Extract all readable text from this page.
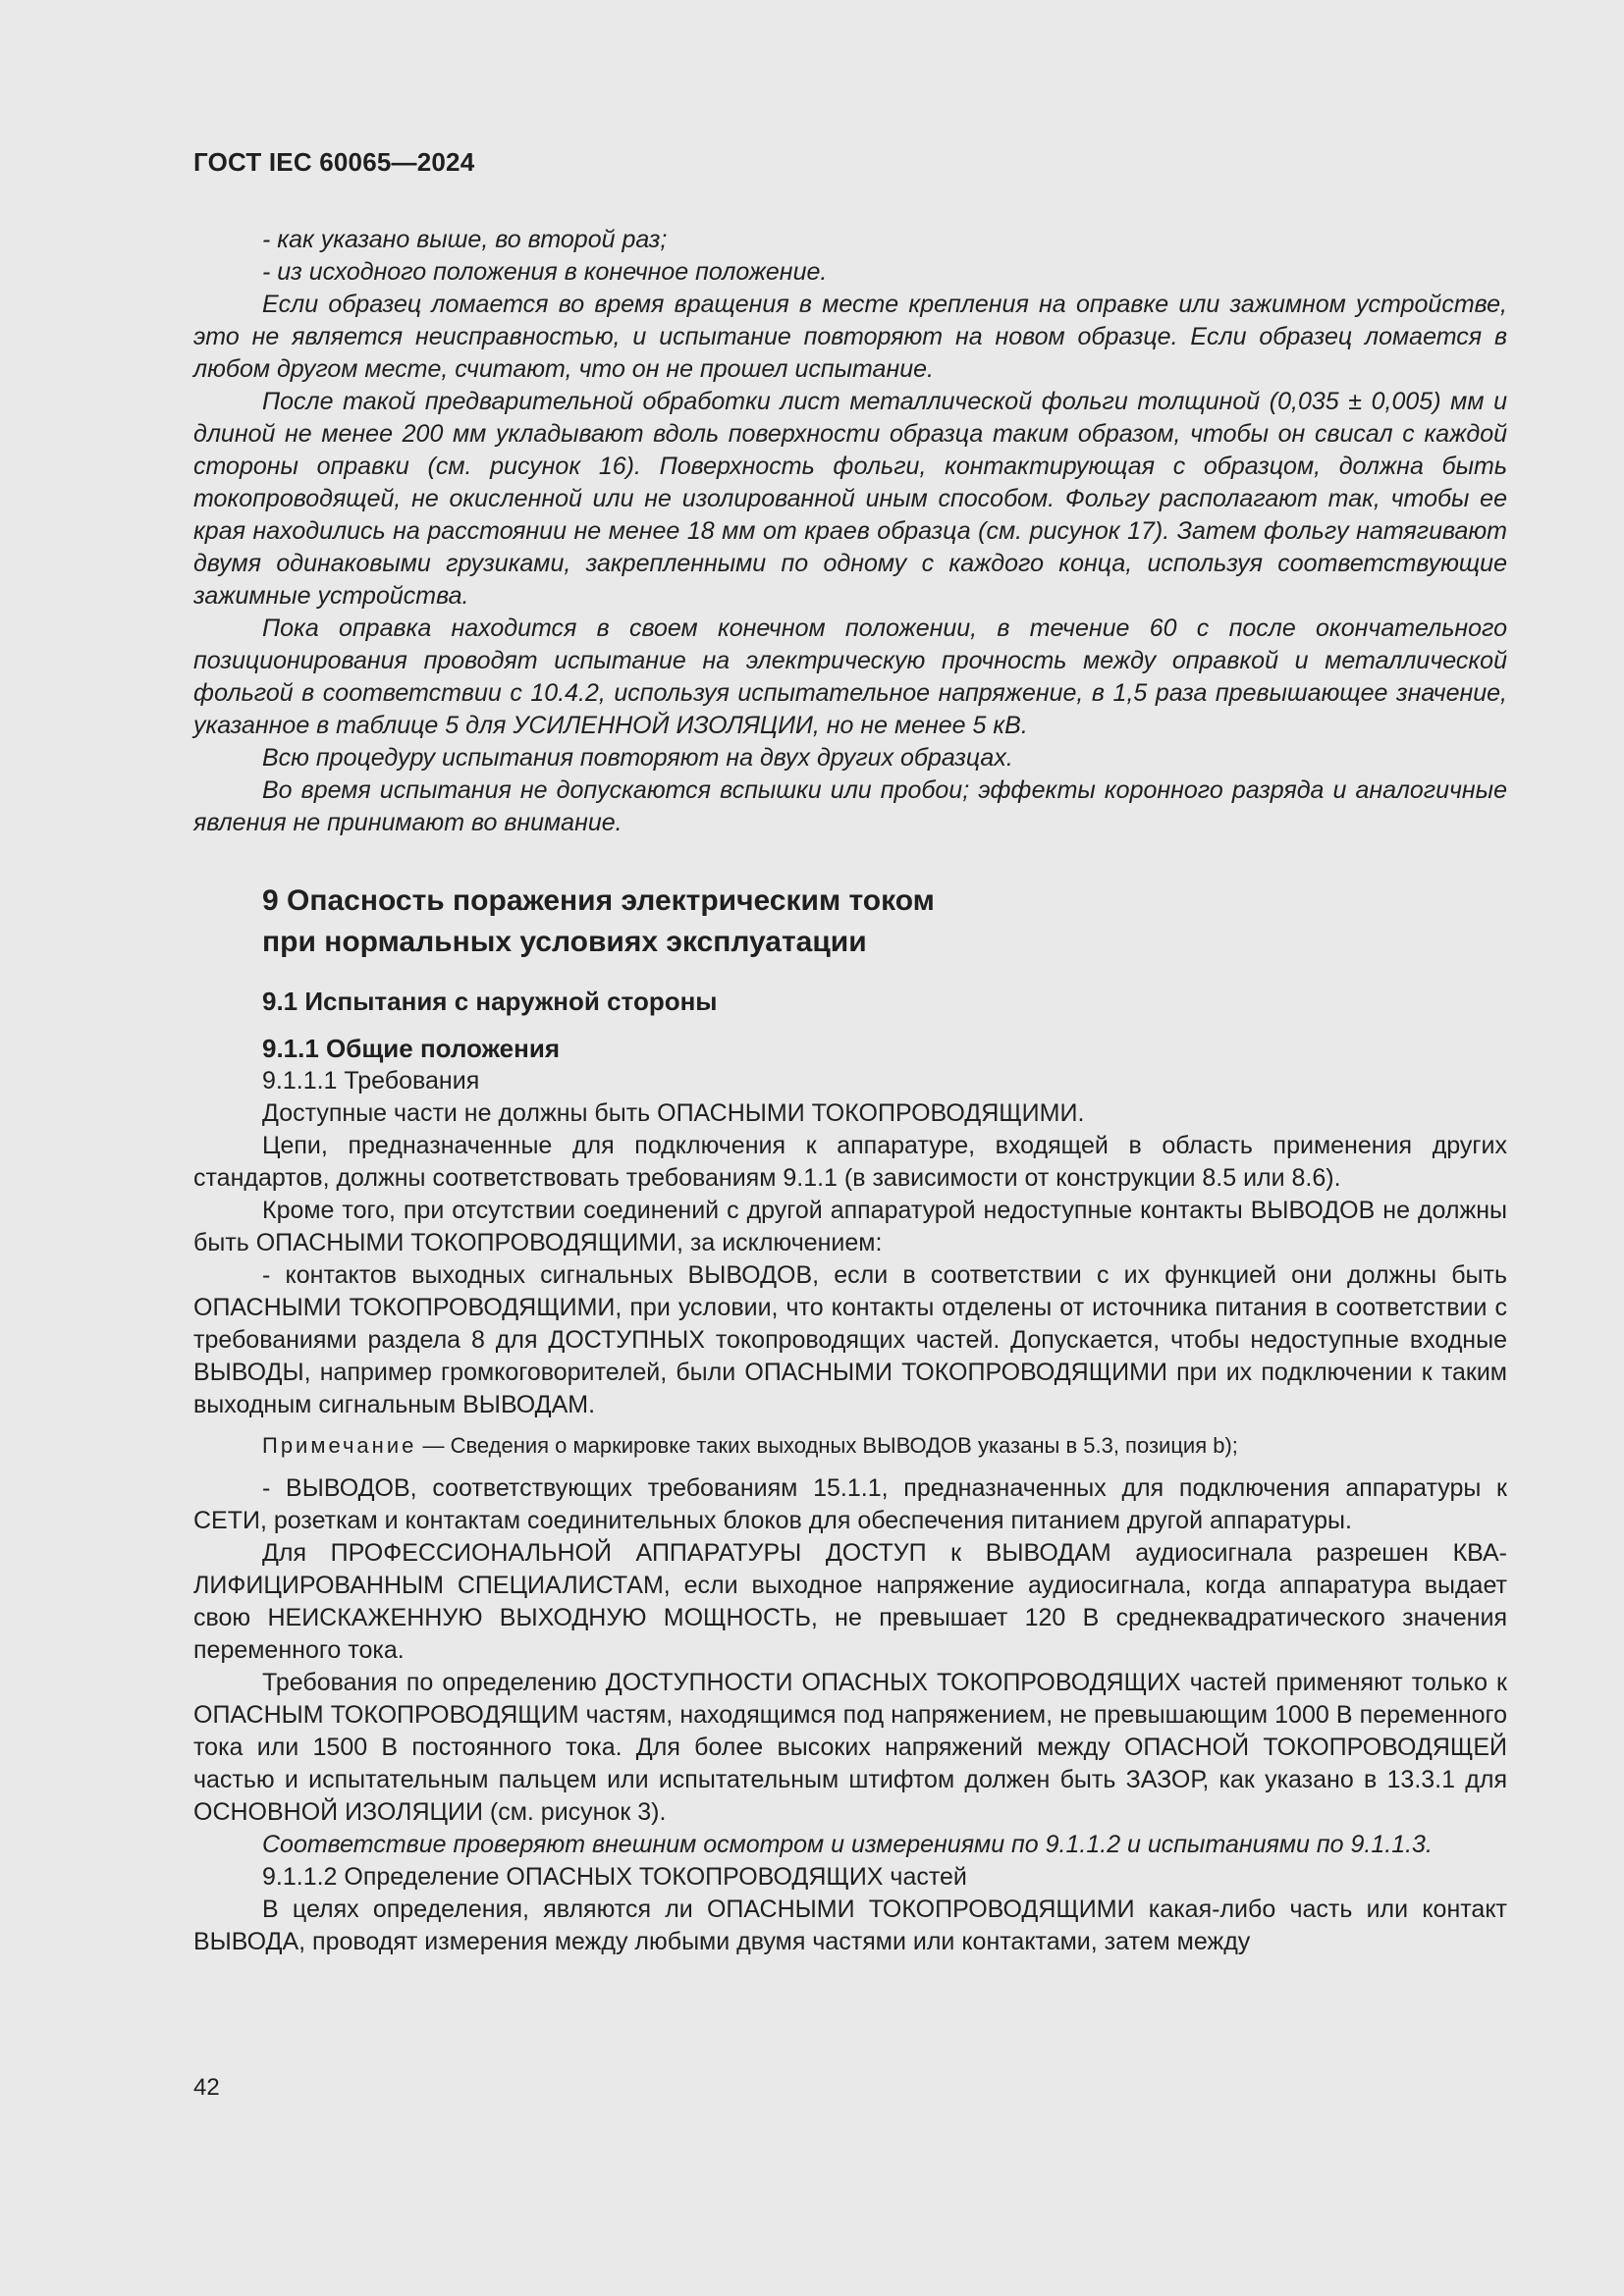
ГОСТ IEC 60065—2024

- как указано выше, во второй раз;

- из исходного положения в конечное положение.

Если образец ломается во время вращения в месте крепления на оправке или зажимном устройстве, это не является неисправностью, и испытание повторяют на новом образце. Если образец ломается в любом другом месте, считают, что он не прошел испытание.

После такой предварительной обработки лист металлической фольги толщиной (0,035 ± 0,005) мм и длиной не менее 200 мм укладывают вдоль поверхности образца таким образом, чтобы он свисал с каждой стороны оправки (см. рисунок 16). Поверхность фольги, контактирующая с образцом, должна быть токопроводящей, не окисленной или не изолированной иным способом. Фольгу располагают так, чтобы ее края находились на расстоянии не менее 18 мм от краев образца (см. рисунок 17). Затем фольгу натягивают двумя одинаковыми грузиками, закрепленными по одному с каждого конца, используя соответствующие зажимные устройства.

Пока оправка находится в своем конечном положении, в течение 60 с после окончательного позиционирования проводят испытание на электрическую прочность между оправкой и металлической фольгой в соответствии с 10.4.2, используя испытательное напряжение, в 1,5 раза превышающее значение, указанное в таблице 5 для УСИЛЕННОЙ ИЗОЛЯЦИИ, но не менее 5 кВ.

Всю процедуру испытания повторяют на двух других образцах.

Во время испытания не допускаются вспышки или пробои; эффекты коронного разряда и аналогичные явления не принимают во внимание.

9 Опасность поражения электрическим током
при нормальных условиях эксплуатации
9.1 Испытания с наружной стороны
9.1.1 Общие положения

9.1.1.1 Требования

Доступные части не должны быть ОПАСНЫМИ ТОКОПРОВОДЯЩИМИ.

Цепи, предназначенные для подключения к аппаратуре, входящей в область применения других стандартов, должны соответствовать требованиям 9.1.1 (в зависимости от конструкции 8.5 или 8.6).

Кроме того, при отсутствии соединений с другой аппаратурой недоступные контакты ВЫВОДОВ не должны быть ОПАСНЫМИ ТОКОПРОВОДЯЩИМИ, за исключением:

- контактов выходных сигнальных ВЫВОДОВ, если в соответствии с их функцией они должны быть ОПАСНЫМИ ТОКОПРОВОДЯЩИМИ, при условии, что контакты отделены от источника питания в соответствии с требованиями раздела 8 для ДОСТУПНЫХ токопроводящих частей. Допускается, чтобы недоступные входные ВЫВОДЫ, например громкоговорителей, были ОПАСНЫМИ ТОКОПРОВОДЯЩИМИ при их подключении к таким выходным сигнальным ВЫВОДАМ.

Примечание — Сведения о маркировке таких выходных ВЫВОДОВ указаны в 5.3, позиция b);

- ВЫВОДОВ, соответствующих требованиям 15.1.1, предназначенных для подключения аппаратуры к СЕТИ, розеткам и контактам соединительных блоков для обеспечения питанием другой аппаратуры.

Для ПРОФЕССИОНАЛЬНОЙ АППАРАТУРЫ ДОСТУП к ВЫВОДАМ аудиосигнала разрешен КВАЛИФИЦИРОВАННЫМ СПЕЦИАЛИСТАМ, если выходное напряжение аудиосигнала, когда аппаратура выдает свою НЕИСКАЖЕННУЮ ВЫХОДНУЮ МОЩНОСТЬ, не превышает 120 В среднеквадратического значения переменного тока.

Требования по определению ДОСТУПНОСТИ ОПАСНЫХ ТОКОПРОВОДЯЩИХ частей применяют только к ОПАСНЫМ ТОКОПРОВОДЯЩИМ частям, находящимся под напряжением, не превышающим 1000 В переменного тока или 1500 В постоянного тока. Для более высоких напряжений между ОПАСНОЙ ТОКОПРОВОДЯЩЕЙ частью и испытательным пальцем или испытательным штифтом должен быть ЗАЗОР, как указано в 13.3.1 для ОСНОВНОЙ ИЗОЛЯЦИИ (см. рисунок 3).

Соответствие проверяют внешним осмотром и измерениями по 9.1.1.2 и испытаниями по 9.1.1.3.

9.1.1.2 Определение ОПАСНЫХ ТОКОПРОВОДЯЩИХ частей

В целях определения, являются ли ОПАСНЫМИ ТОКОПРОВОДЯЩИМИ какая-либо часть или контакт ВЫВОДА, проводят измерения между любыми двумя частями или контактами, затем между

42
